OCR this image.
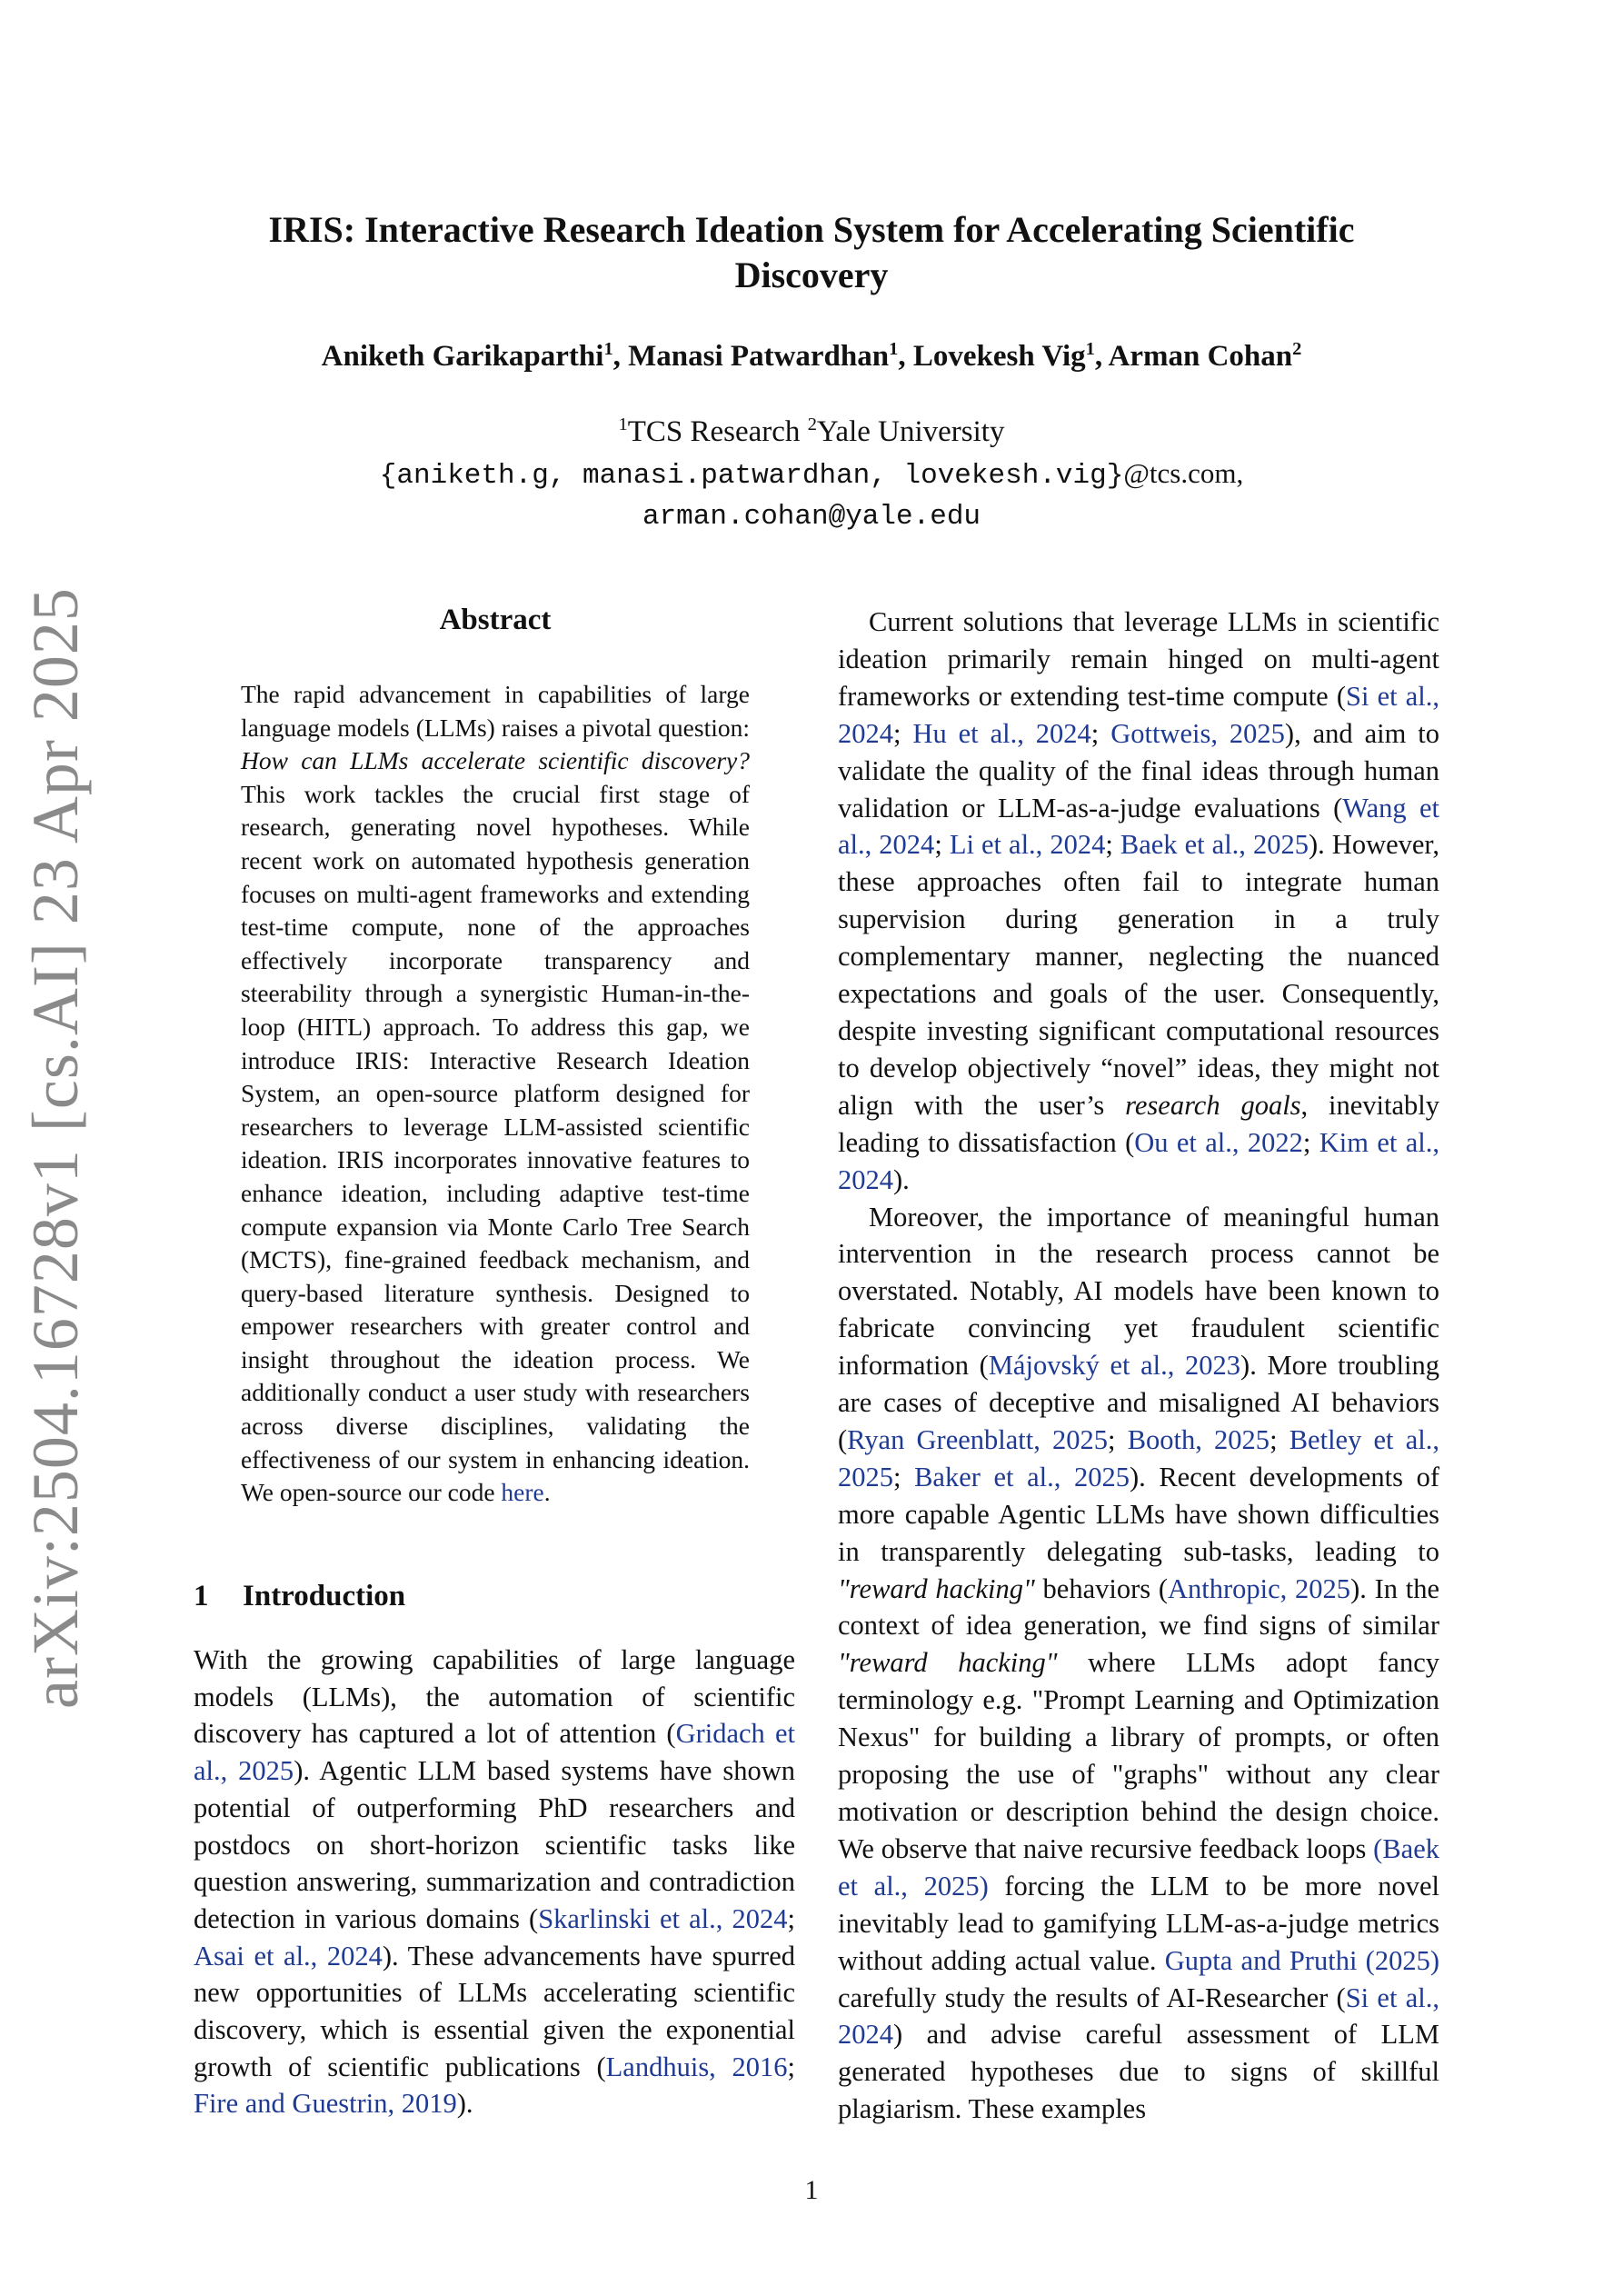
arXiv:2504.16728v1 [cs.AI] 23 Apr 2025
IRIS: Interactive Research Ideation System for Accelerating Scientific
Discovery
Aniketh Garikaparthi$^1$, Manasi Patwardhan$^1$, Lovekesh Vig$^1$, Arman Cohan$^2$
$^1$TCS Research $^2$Yale University
{aniketh.g, manasi.patwardhan, lovekesh.vig}@tcs.com,
arman.cohan@yale.edu
Abstract

The rapid advancement in capabilities of large language models (LLMs) raises a pivotal question: How can LLMs accelerate scientific discovery? This work tackles the crucial first stage of research, generating novel hypotheses. While recent work on automated hypothesis generation focuses on multi-agent frameworks and extending test-time compute, none of the approaches effectively incorporate transparency and steerability through a synergistic Human-in-the-loop (HITL) approach. To address this gap, we introduce IRIS: Interactive Research Ideation System, an open-source platform designed for researchers to leverage LLM-assisted scientific ideation. IRIS incorporates innovative features to enhance ideation, including adaptive test-time compute expansion via Monte Carlo Tree Search (MCTS), fine-grained feedback mechanism, and query-based literature synthesis. Designed to empower researchers with greater control and insight throughout the ideation process. We additionally conduct a user study with researchers across diverse disciplines, validating the effectiveness of our system in enhancing ideation. We open-source our code here.

1 Introduction

With the growing capabilities of large language models (LLMs), the automation of scientific discovery has captured a lot of attention (Gridach et al., 2025). Agentic LLM based systems have shown potential of outperforming PhD researchers and postdocs on short-horizon scientific tasks like question answering, summarization and contradiction detection in various domains (Skarlinski et al., 2024; Asai et al., 2024). These advancements have spurred new opportunities of LLMs accelerating scientific discovery, which is essential given the exponential growth of scientific publications (Landhuis, 2016; Fire and Guestrin, 2019).

Current solutions that leverage LLMs in scientific ideation primarily remain hinged on multi-agent frameworks or extending test-time compute (Si et al., 2024; Hu et al., 2024; Gottweis, 2025), and aim to validate the quality of the final ideas through human validation or LLM-as-a-judge evaluations (Wang et al., 2024; Li et al., 2024; Baek et al., 2025). However, these approaches often fail to integrate human supervision during generation in a truly complementary manner, neglecting the nuanced expectations and goals of the user. Consequently, despite investing significant computational resources to develop objectively “novel” ideas, they might not align with the user’s research goals, inevitably leading to dissatisfaction (Ou et al., 2022; Kim et al., 2024).

Moreover, the importance of meaningful human intervention in the research process cannot be overstated. Notably, AI models have been known to fabricate convincing yet fraudulent scientific information (Májovský et al., 2023). More troubling are cases of deceptive and misaligned AI behaviors (Ryan Greenblatt, 2025; Booth, 2025; Betley et al., 2025; Baker et al., 2025). Recent developments of more capable Agentic LLMs have shown difficulties in transparently delegating sub-tasks, leading to "reward hacking" behaviors (Anthropic, 2025). In the context of idea generation, we find signs of similar "reward hacking" where LLMs adopt fancy terminology e.g. "Prompt Learning and Optimization Nexus" for building a library of prompts, or often proposing the use of "graphs" without any clear motivation or description behind the design choice. We observe that naive recursive feedback loops (Baek et al., 2025) forcing the LLM to be more novel inevitably lead to gamifying LLM-as-a-judge metrics without adding actual value. Gupta and Pruthi (2025) carefully study the results of AI-Researcher (Si et al., 2024) and advise careful assessment of LLM generated hypotheses due to signs of skillful plagiarism. These examples

1
